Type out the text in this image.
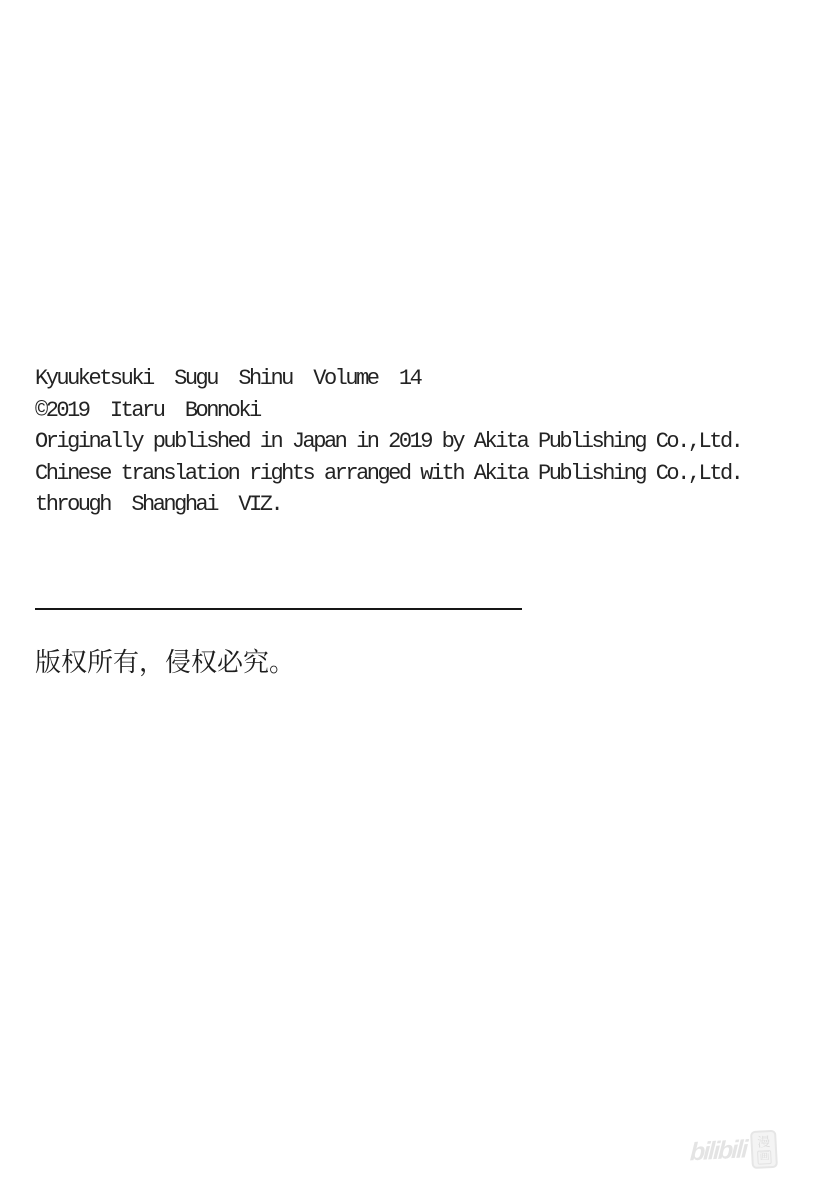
Kyuuketsuki  Sugu  Shinu  Volume  14
©2019  Itaru  Bonnoki
Originally published in Japan in 2019 by Akita Publishing Co.,Ltd.
Chinese translation rights arranged with Akita Publishing Co.,Ltd.
through  Shanghai  VIZ.
版权所有，侵权必究。
bilibili 漫
画
